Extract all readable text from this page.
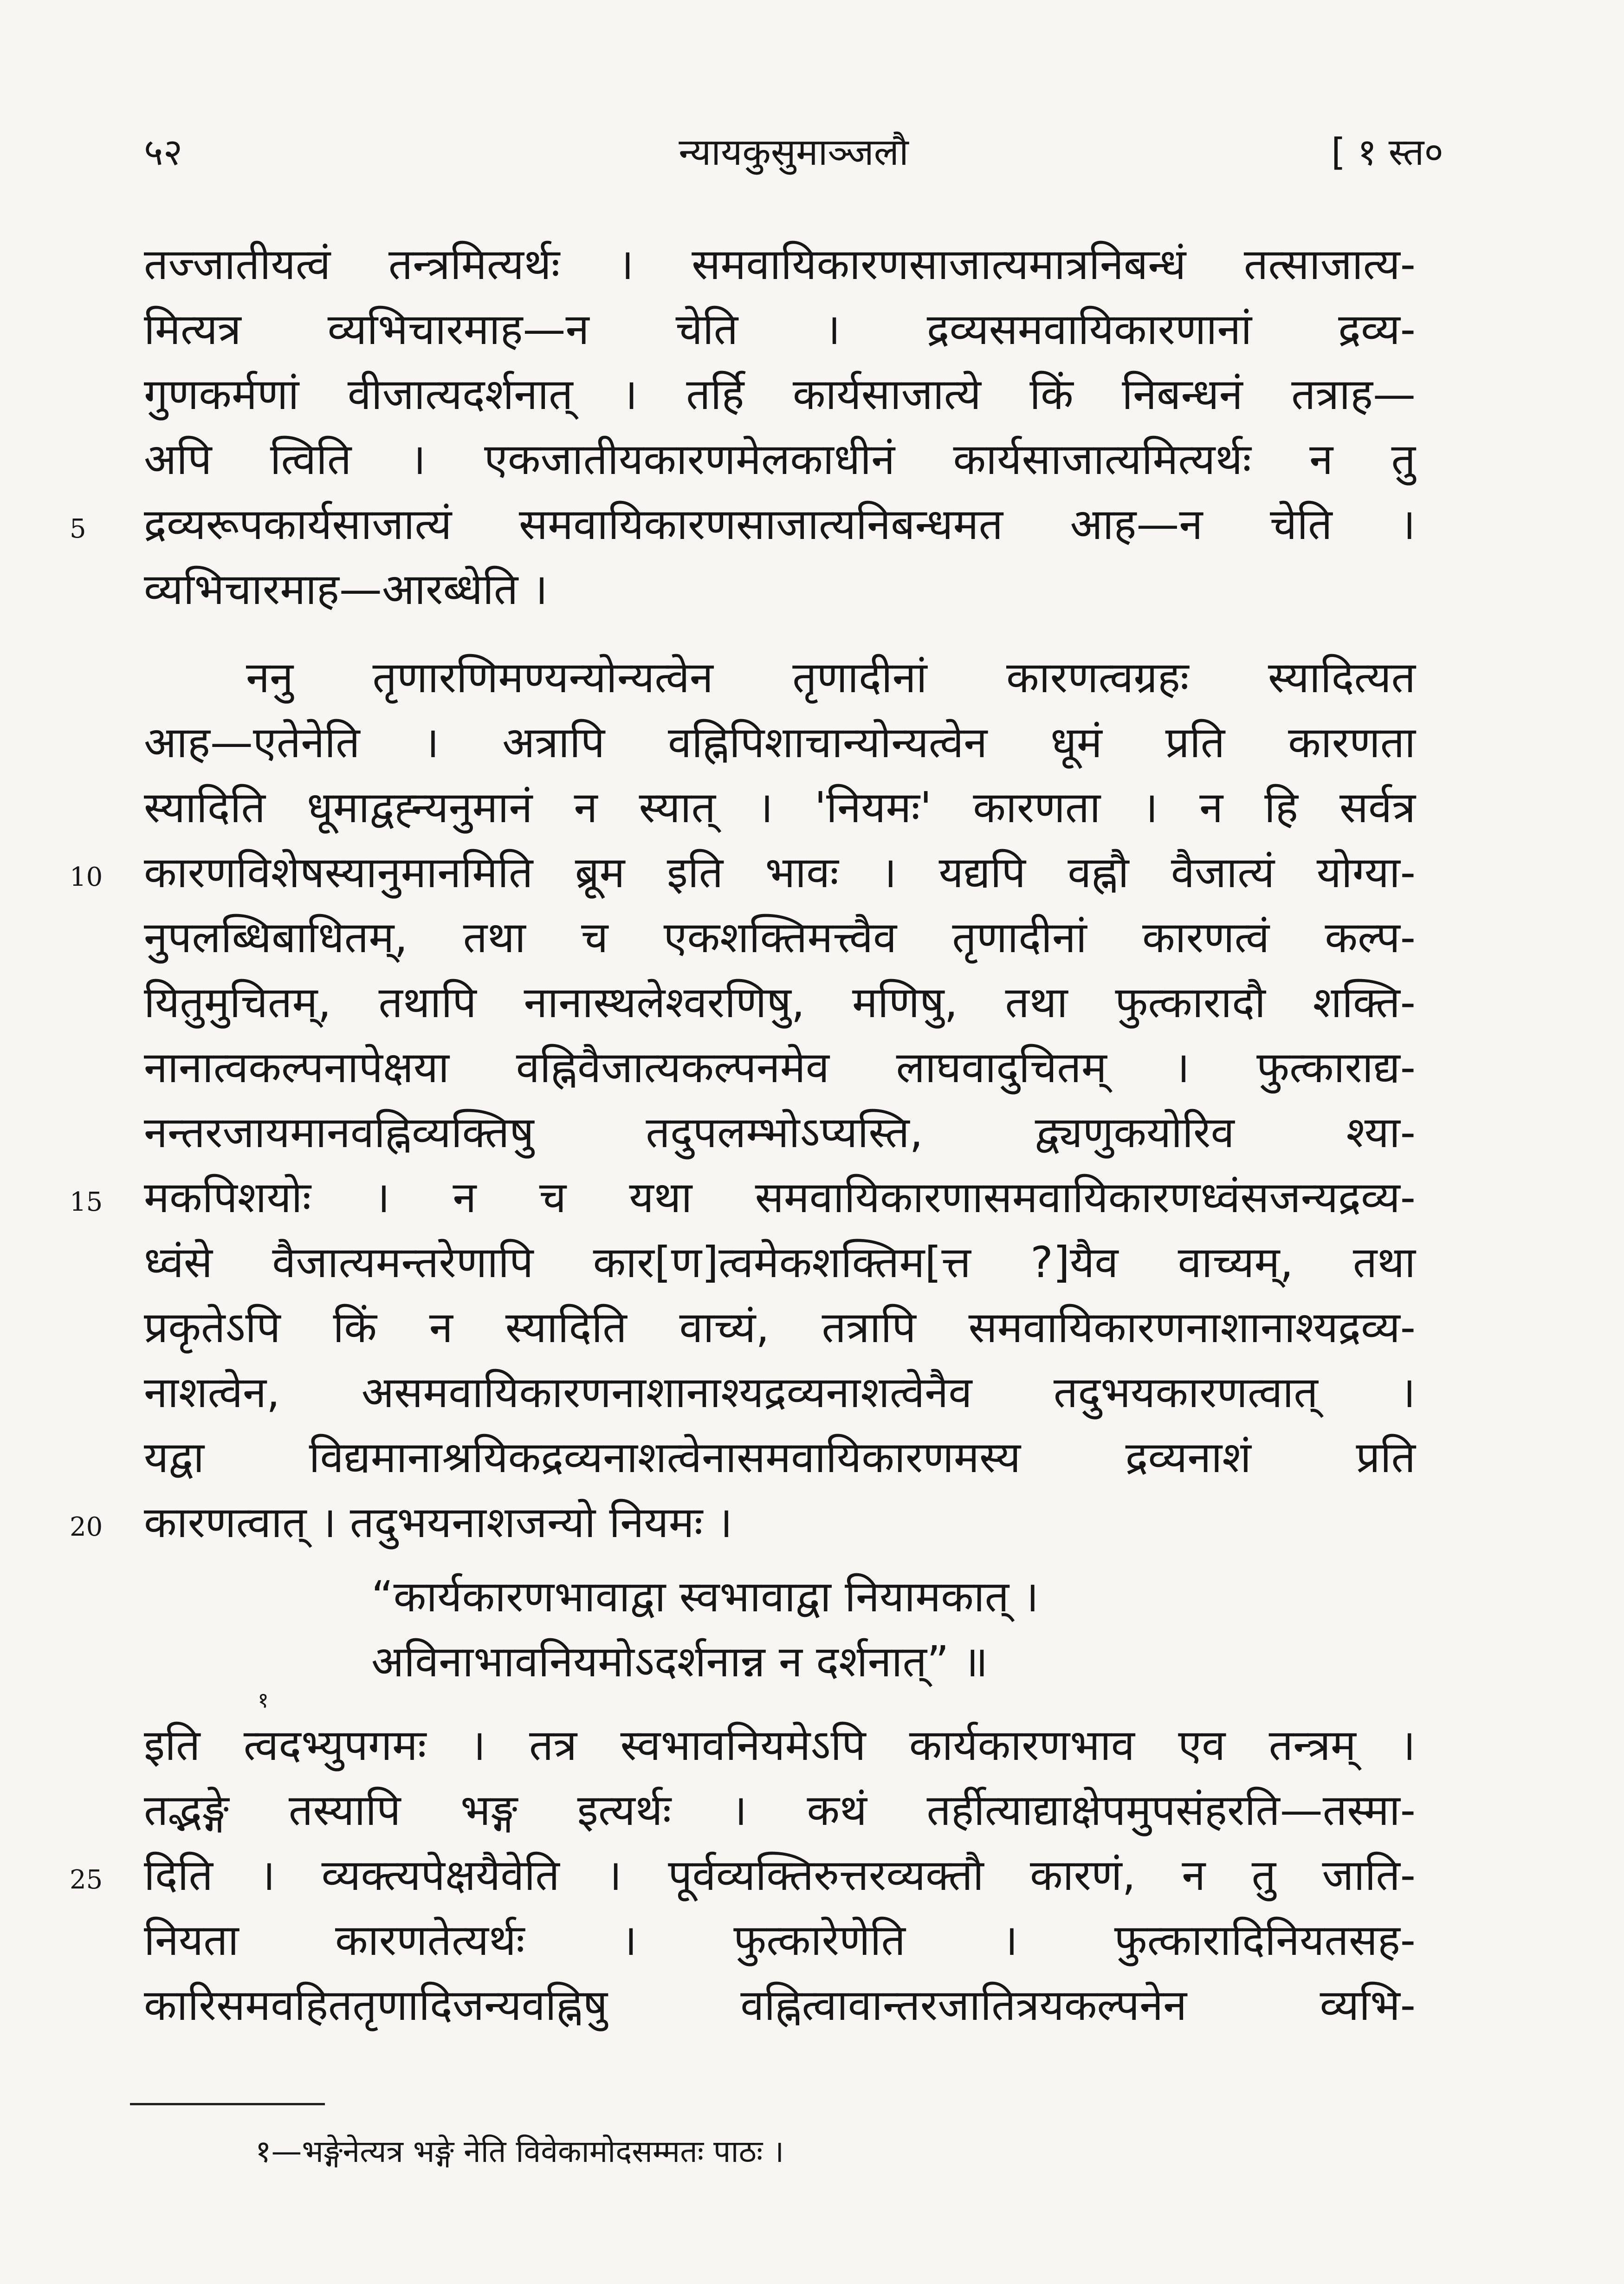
५२	न्यायकुसुमाञ्जलौ	[ १ स्त०
तज्जातीयत्वं तन्त्रमित्यर्थः । समवायिकारणसाजात्यमात्रनिबन्धं तत्साजात्य-
मित्यत्र व्यभिचारमाह—न चेति । द्रव्यसमवायिकारणानां द्रव्य-
गुणकर्मणां वीजात्यदर्शनात् । तर्हि कार्यसाजात्ये किं निबन्धनं तत्राह—
अपि त्विति । एकजातीयकारणमेलकाधीनं कार्यसाजात्यमित्यर्थः न तु
द्रव्यरूपकार्यसाजात्यं समवायिकारणसाजात्यनिबन्धमत आह—न चेति ।
व्यभिचारमाह—आरब्धेति ।
ननु तृणारणिमण्यन्योन्यत्वेन तृणादीनां कारणत्वग्रहः स्यादित्यत
आह—एतेनेति । अत्रापि वह्निपिशाचान्योन्यत्वेन धूमं प्रति कारणता
स्यादिति धूमाद्वह्न्यनुमानं न स्यात् । 'नियमः' कारणता । न हि सर्वत्र
कारणविशेषस्यानुमानमिति ब्रूम इति भावः । यद्यपि वह्नौ वैजात्यं योग्या-
नुपलब्धिबाधितम्, तथा च एकशक्तिमत्त्वैव तृणादीनां कारणत्वं कल्प-
यितुमुचितम्, तथापि नानास्थलेश्वरणिषु, मणिषु, तथा फुत्कारादौ शक्ति-
नानात्वकल्पनापेक्षया वह्निवैजात्यकल्पनमेव लाघवादुचितम् । फुत्काराद्य-
नन्तरजायमानवह्निव्यक्तिषु तदुपलम्भोऽप्यस्ति, द्व्यणुकयोरिव श्या-
मकपिशयोः । न च यथा समवायिकारणासमवायिकारणध्वंसजन्यद्रव्य-
ध्वंसे वैजात्यमन्तरेणापि कार[ण]त्वमेकशक्तिम[त्त ?]यैव वाच्यम्, तथा
प्रकृतेऽपि किं न स्यादिति वाच्यं, तत्रापि समवायिकारणनाशानाश्यद्रव्य-
नाशत्वेन, असमवायिकारणनाशानाश्यद्रव्यनाशत्वेनैव तदुभयकारणत्वात् ।
यद्वा विद्यमानाश्रयिकद्रव्यनाशत्वेनासमवायिकारणमस्य द्रव्यनाशं प्रति
कारणत्वात् । तदुभयनाशजन्यो नियमः ।
“कार्यकारणभावाद्वा स्वभावाद्वा नियामकात् ।
अविनाभावनियमोऽदर्शनान्न न दर्शनात्” ॥
इति त्वदभ्युपगमः । तत्र स्वभावनियमेऽपि कार्यकारणभाव एव तन्त्रम् ।
१
तद्भङ्गे तस्यापि भङ्ग इत्यर्थः । कथं तर्हीत्याद्याक्षेपमुपसंहरति—तस्मा-
दिति । व्यक्त्यपेक्षयैवेति । पूर्वव्यक्तिरुत्तरव्यक्तौ कारणं, न तु जाति-
नियता कारणतेत्यर्थः । फुत्कारेणेति । फुत्कारादिनियतसह-
कारिसमवहिततृणादिजन्यवह्निषु वह्नित्वावान्तरजातित्रयकल्पनेन व्यभि-
5
10
15
20
25
१—भङ्गेनेत्यत्र भङ्गे नेति विवेकामोदसम्मतः पाठः ।
